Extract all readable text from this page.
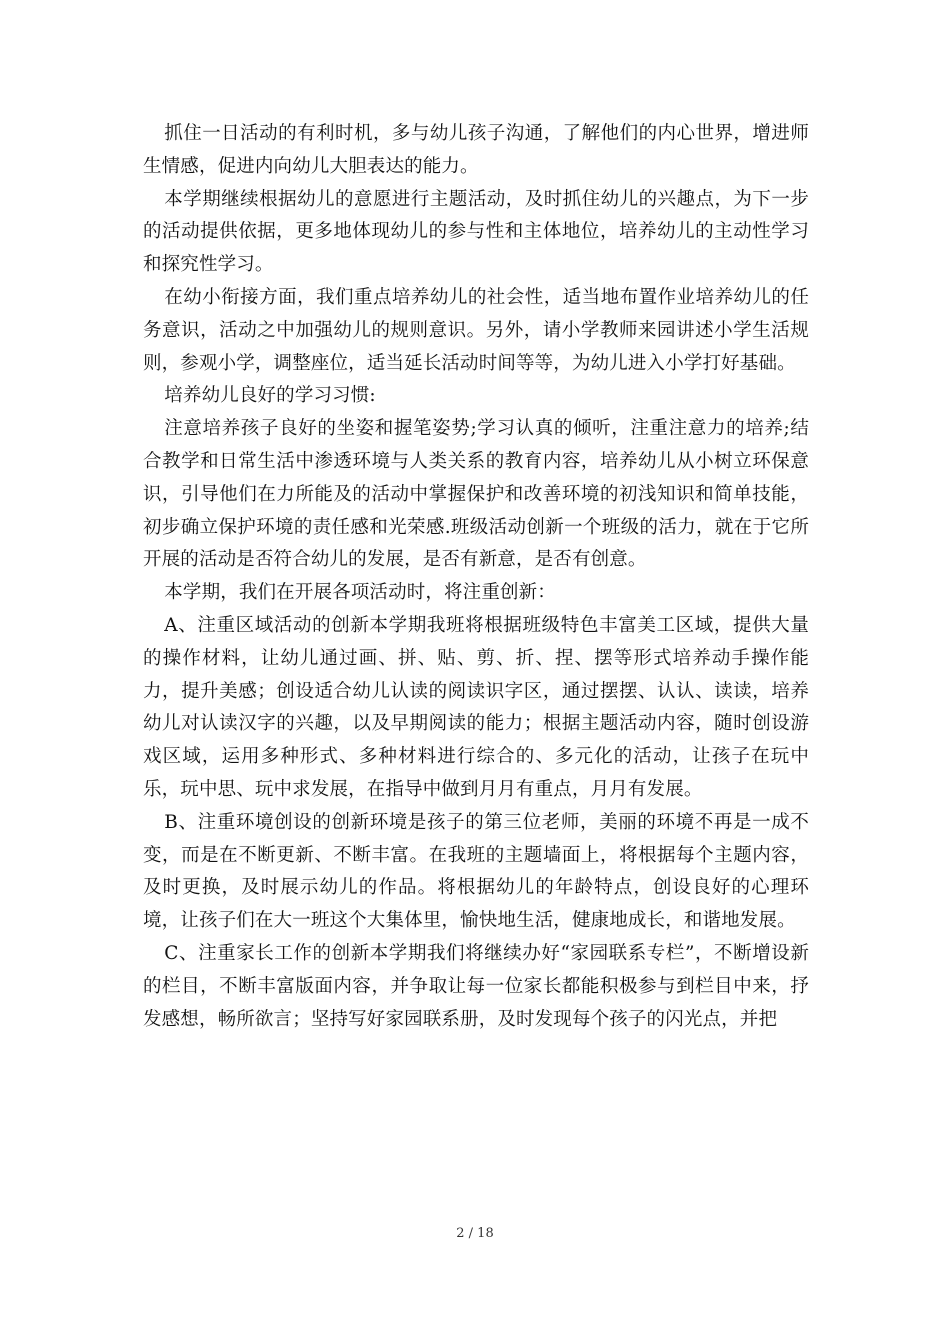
抓住一日活动的有利时机，多与幼儿孩子沟通，了解他们的内心世界，增进师生情感，促进内向幼儿大胆表达的能力。

本学期继续根据幼儿的意愿进行主题活动，及时抓住幼儿的兴趣点，为下一步的活动提供依据，更多地体现幼儿的参与性和主体地位，培养幼儿的主动性学习和探究性学习。

在幼小衔接方面，我们重点培养幼儿的社会性，适当地布置作业培养幼儿的任务意识，活动之中加强幼儿的规则意识。另外，请小学教师来园讲述小学生活规则，参观小学，调整座位，适当延长活动时间等等，为幼儿进入小学打好基础。

培养幼儿良好的学习习惯:

注意培养孩子良好的坐姿和握笔姿势;学习认真的倾听，注重注意力的培养;结合教学和日常生活中渗透环境与人类关系的教育内容，培养幼儿从小树立环保意识，引导他们在力所能及的活动中掌握保护和改善环境的初浅知识和简单技能，初步确立保护环境的责任感和光荣感.班级活动创新一个班级的活力，就在于它所开展的活动是否符合幼儿的发展，是否有新意，是否有创意。

本学期，我们在开展各项活动时，将注重创新：

A、注重区域活动的创新本学期我班将根据班级特色丰富美工区域，提供大量的操作材料，让幼儿通过画、拼、贴、剪、折、捏、摆等形式培养动手操作能力，提升美感；创设适合幼儿认读的阅读识字区，通过摆摆、认认、读读，培养幼儿对认读汉字的兴趣，以及早期阅读的能力；根据主题活动内容，随时创设游戏区域，运用多种形式、多种材料进行综合的、多元化的活动，让孩子在玩中乐，玩中思、玩中求发展，在指导中做到月月有重点，月月有发展。

B、注重环境创设的创新环境是孩子的第三位老师，美丽的环境不再是一成不变，而是在不断更新、不断丰富。在我班的主题墙面上，将根据每个主题内容，及时更换，及时展示幼儿的作品。将根据幼儿的年龄特点，创设良好的心理环境，让孩子们在大一班这个大集体里，愉快地生活，健康地成长，和谐地发展。

C、注重家长工作的创新本学期我们将继续办好“家园联系专栏”，不断增设新的栏目，不断丰富版面内容，并争取让每一位家长都能积极参与到栏目中来，抒发感想，畅所欲言；坚持写好家园联系册，及时发现每个孩子的闪光点，并把

2 / 18
